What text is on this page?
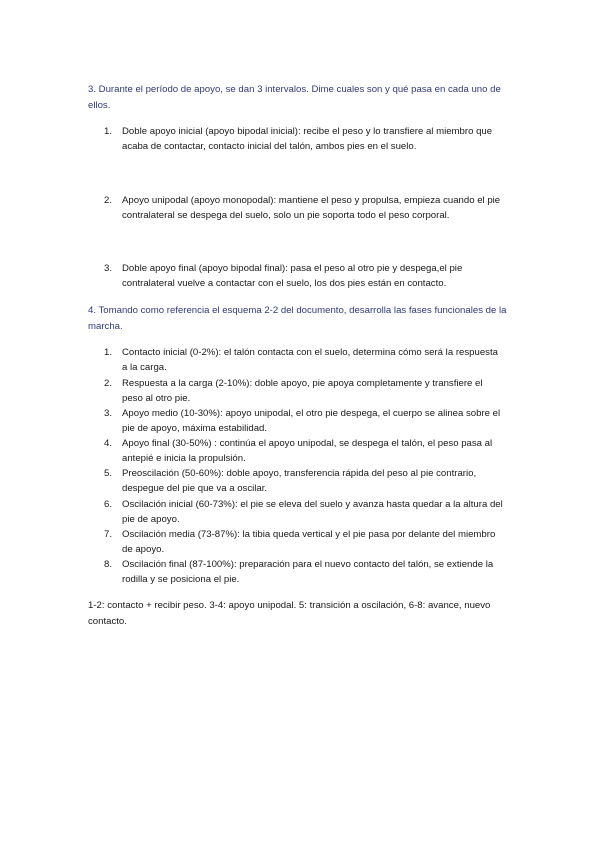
3. Durante el período de apoyo, se dan 3 intervalos. Dime cuales son y qué pasa en cada uno de ellos.

1.	Doble apoyo inicial (apoyo bipodal inicial): recibe el peso y lo transfiere al miembro que acaba de contactar, contacto inicial del talón, ambos pies en el suelo.
2.	Apoyo unipodal (apoyo monopodal): mantiene el peso y propulsa, empieza cuando el pie contralateral se despega del suelo, solo un pie soporta todo el peso corporal.
3.	Doble apoyo final (apoyo bipodal final): pasa el peso al otro pie y despega,el pie contralateral vuelve a contactar con el suelo, los dos pies están en contacto.

4. Tomando como referencia el esquema 2-2 del documento, desarrolla las fases funcionales de la marcha.

1.	Contacto inicial (0-2%): el talón contacta con el suelo, determina cómo será la respuesta a la carga.
2.	Respuesta a la carga (2-10%): doble apoyo, pie apoya completamente y transfiere el peso al otro pie.
3.	Apoyo medio (10-30%): apoyo unipodal, el otro pie despega, el cuerpo se alinea sobre el pie de apoyo, máxima estabilidad.
4.	Apoyo final (30-50%) : continúa el apoyo unipodal, se despega el talón, el peso pasa al antepié e inicia la propulsión.
5.	Preoscilación (50-60%): doble apoyo, transferencia rápida del peso al pie contrario, despegue del pie que va a oscilar.
6.	Oscilación inicial (60-73%): el pie se eleva del suelo y avanza hasta quedar a la altura del pie de apoyo.
7.	Oscilación media (73-87%): la tibia queda vertical y el pie pasa por delante del miembro de apoyo.
8.	Oscilación final (87-100%): preparación para el nuevo contacto del talón, se extiende la rodilla y se posiciona el pie.

1-2: contacto + recibir peso. 3-4: apoyo unipodal. 5: transición a oscilación, 6-8: avance, nuevo contacto.
